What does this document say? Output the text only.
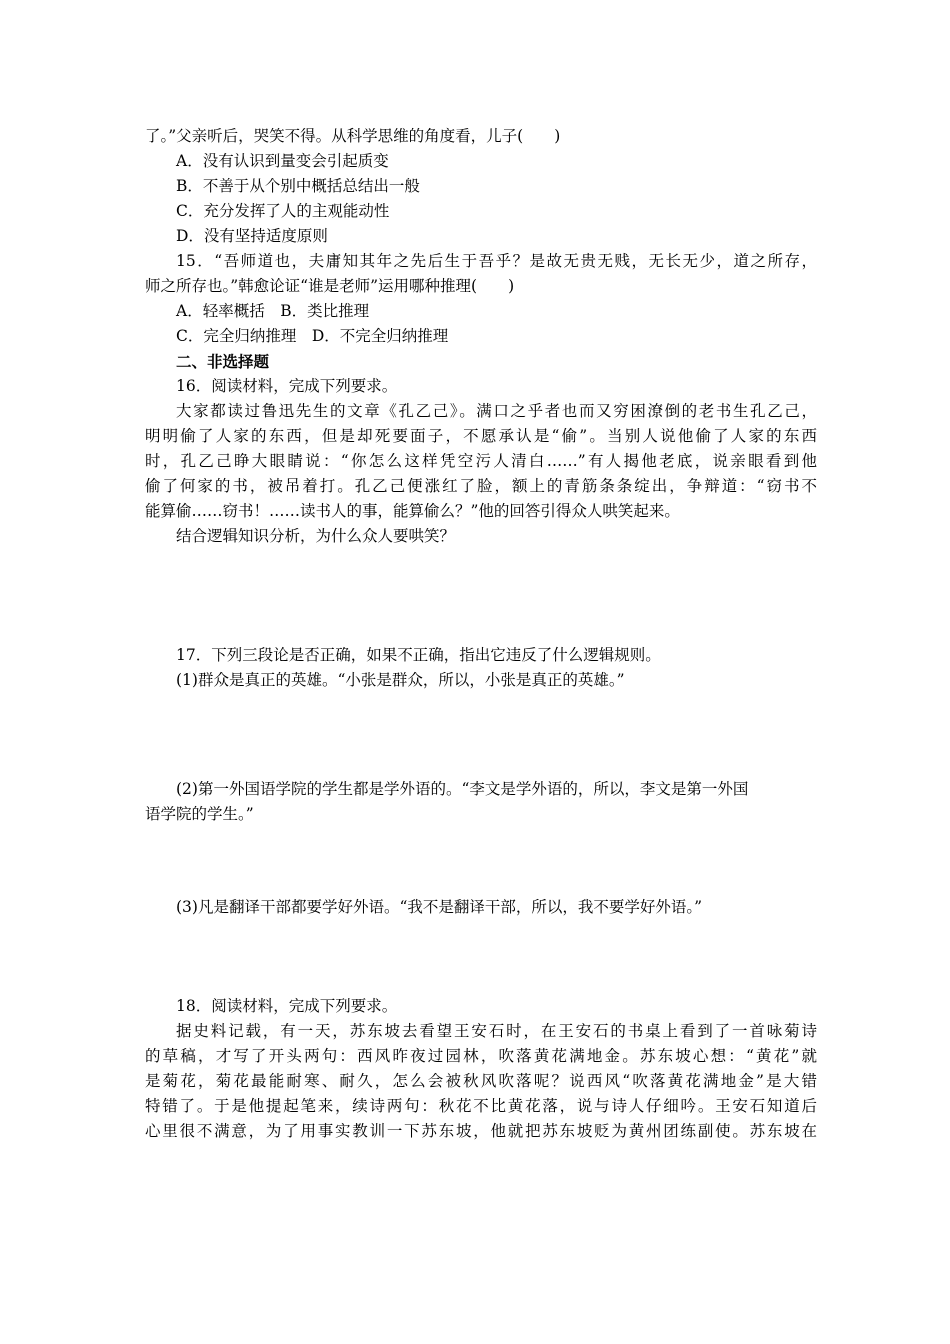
了。”父亲听后，哭笑不得。从科学思维的角度看，儿子(　　)
A．没有认识到量变会引起质变
B．不善于从个别中概括总结出一般
C．充分发挥了人的主观能动性
D．没有坚持适度原则
15．“吾师道也，夫庸知其年之先后生于吾乎？是故无贵无贱，无长无少，道之所存，
师之所存也。”韩愈论证“谁是老师”运用哪种推理(　　)
A．轻率概括　B．类比推理
C．完全归纳推理　D．不完全归纳推理
二、非选择题
16．阅读材料，完成下列要求。
大家都读过鲁迅先生的文章《孔乙己》。满口之乎者也而又穷困潦倒的老书生孔乙己，
明明偷了人家的东西，但是却死要面子，不愿承认是“偷”。当别人说他偷了人家的东西
时，孔乙己睁大眼睛说：“你怎么这样凭空污人清白……”有人揭他老底，说亲眼看到他
偷了何家的书，被吊着打。孔乙己便涨红了脸，额上的青筋条条绽出，争辩道：“窃书不
能算偷……窃书！……读书人的事，能算偷么？”他的回答引得众人哄笑起来。
结合逻辑知识分析，为什么众人要哄笑？
17．下列三段论是否正确，如果不正确，指出它违反了什么逻辑规则。
(1)群众是真正的英雄。“小张是群众，所以，小张是真正的英雄。”
(2)第一外国语学院的学生都是学外语的。“李文是学外语的，所以，李文是第一外国
语学院的学生。”
(3)凡是翻译干部都要学好外语。“我不是翻译干部，所以，我不要学好外语。”
18．阅读材料，完成下列要求。
据史料记载，有一天，苏东坡去看望王安石时，在王安石的书桌上看到了一首咏菊诗
的草稿，才写了开头两句：西风昨夜过园林，吹落黄花满地金。苏东坡心想：“黄花”就
是菊花，菊花最能耐寒、耐久，怎么会被秋风吹落呢？说西风“吹落黄花满地金”是大错
特错了。于是他提起笔来，续诗两句：秋花不比黄花落，说与诗人仔细吟。王安石知道后
心里很不满意，为了用事实教训一下苏东坡，他就把苏东坡贬为黄州团练副使。苏东坡在
